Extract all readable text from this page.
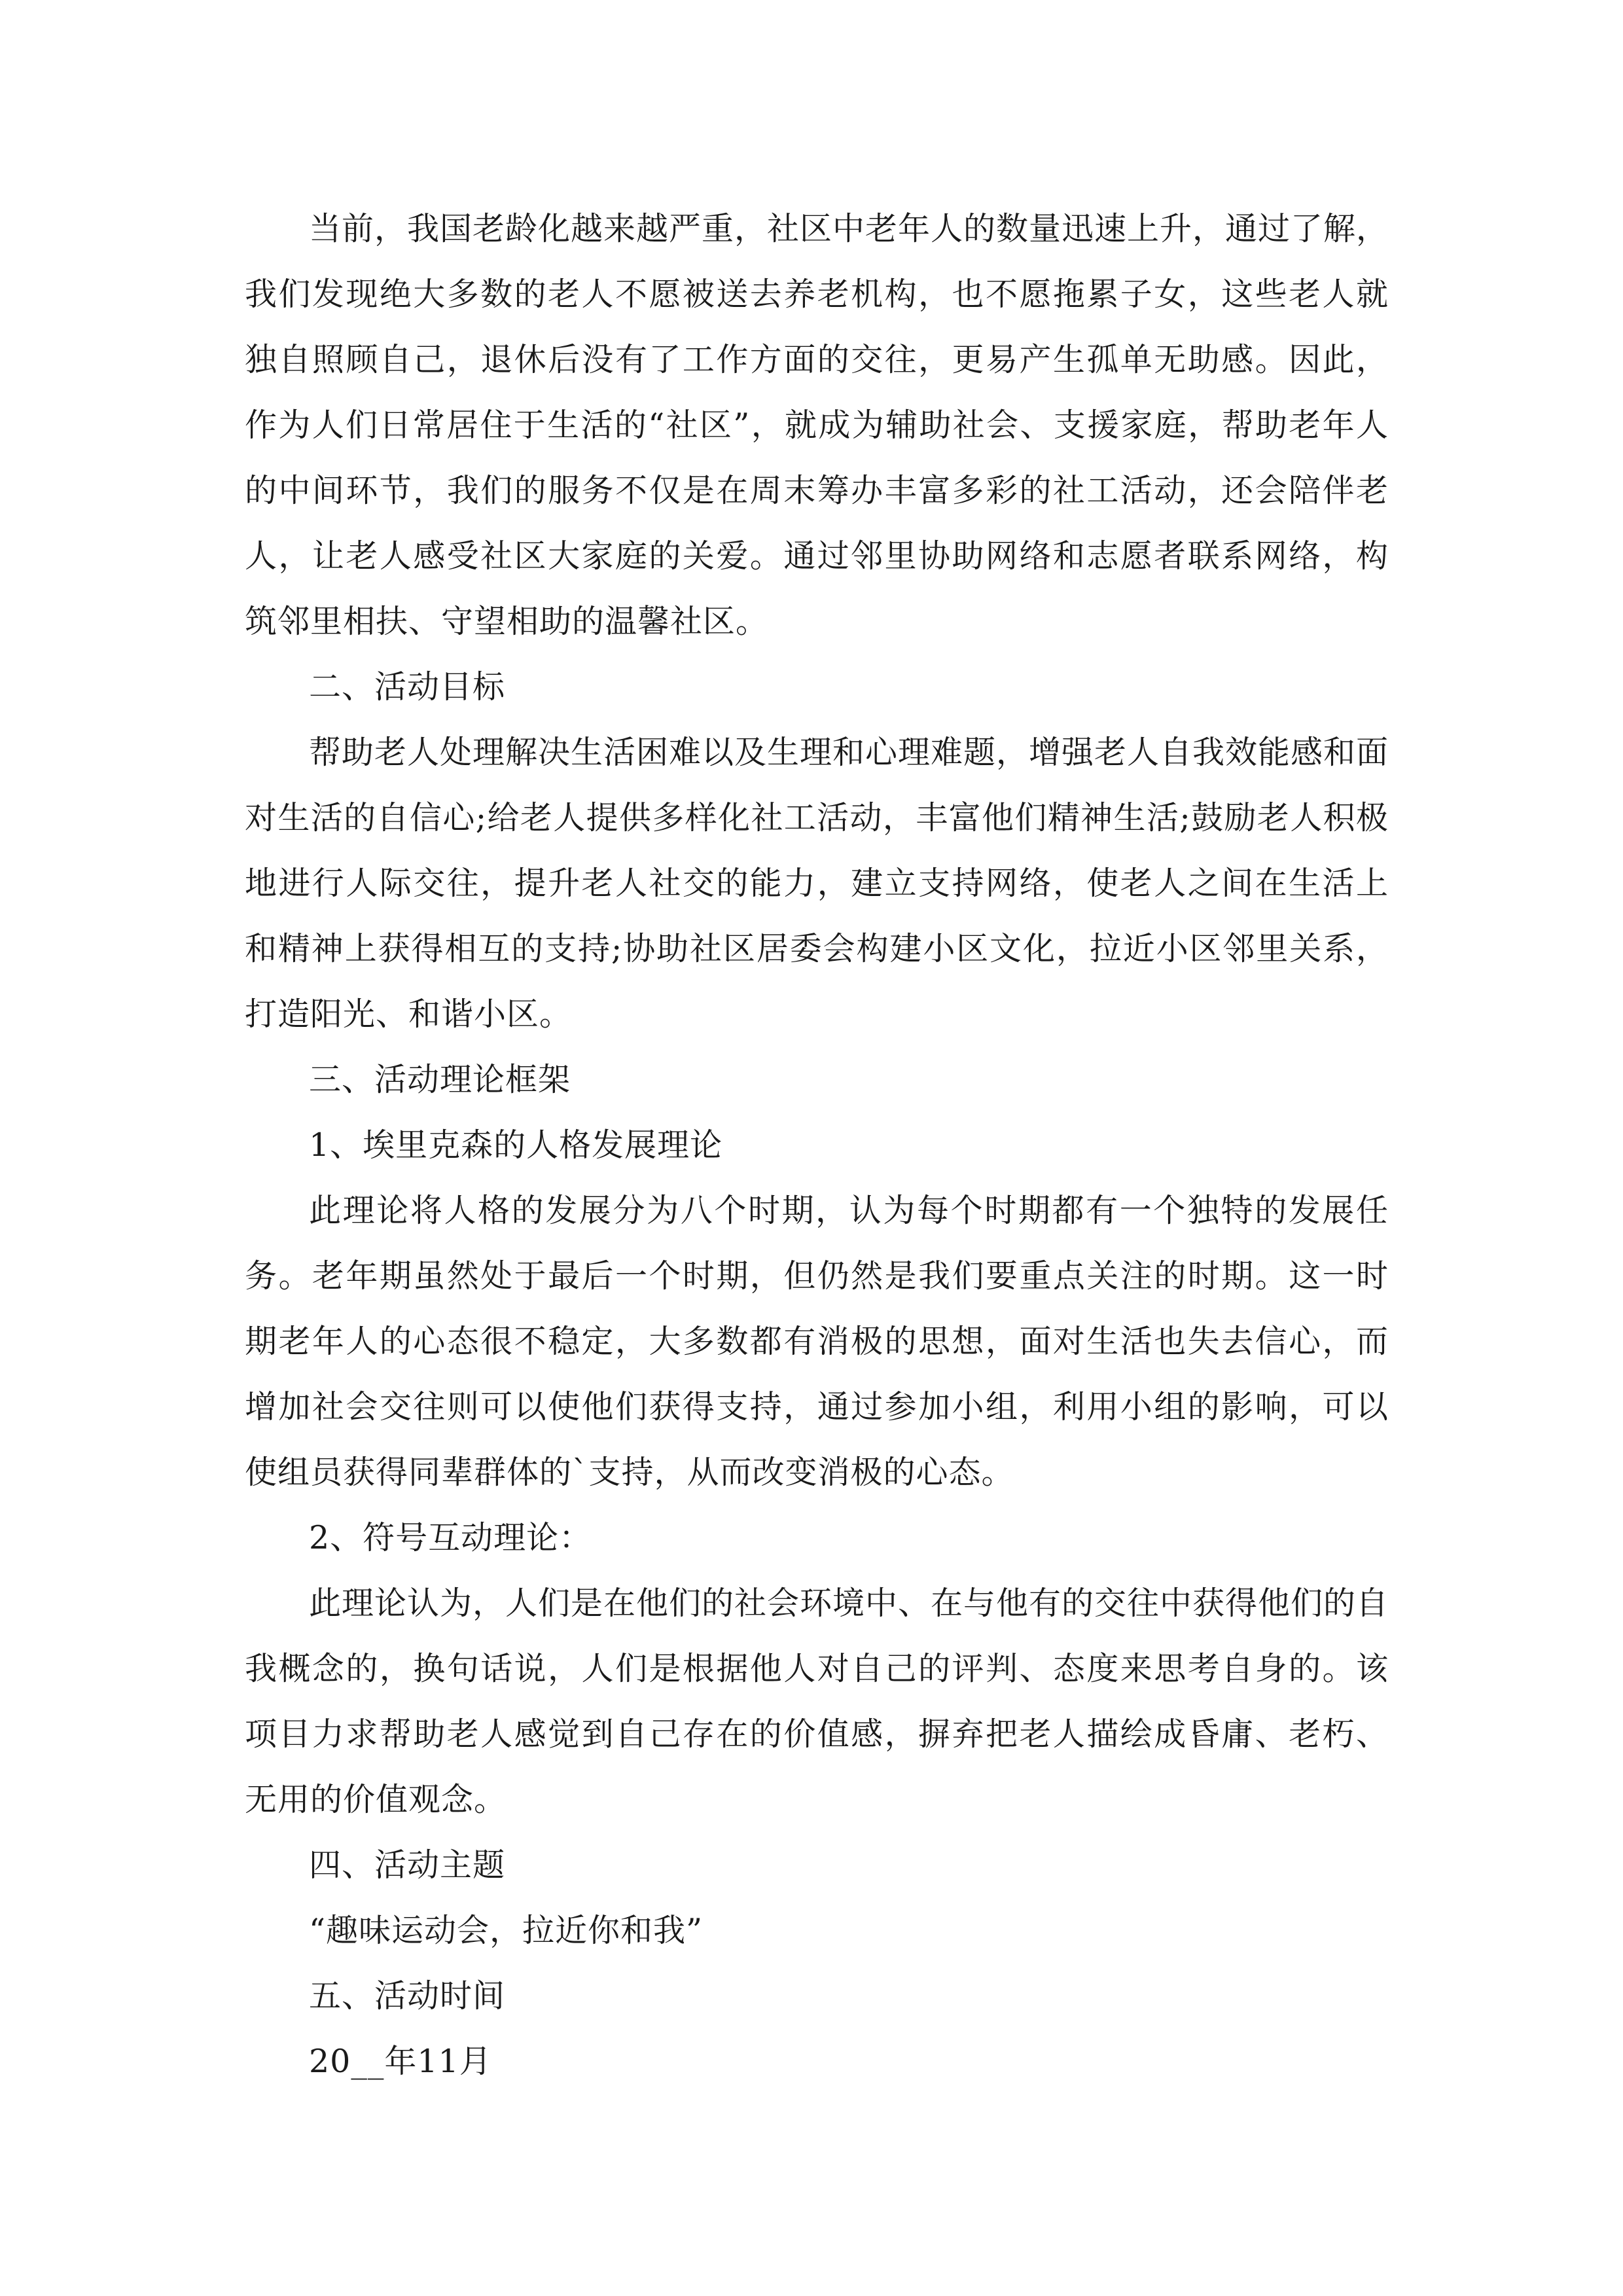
当前，我国老龄化越来越严重，社区中老年人的数量迅速上升，通过了解，我们发现绝大多数的老人不愿被送去养老机构，也不愿拖累子女，这些老人就独自照顾自己，退休后没有了工作方面的交往，更易产生孤单无助感。因此，作为人们日常居住于生活的“社区”，就成为辅助社会、支援家庭，帮助老年人的中间环节，我们的服务不仅是在周末筹办丰富多彩的社工活动，还会陪伴老人，让老人感受社区大家庭的关爱。通过邻里协助网络和志愿者联系网络，构筑邻里相扶、守望相助的温馨社区。

二、活动目标

帮助老人处理解决生活困难以及生理和心理难题，增强老人自我效能感和面对生活的自信心;给老人提供多样化社工活动，丰富他们精神生活;鼓励老人积极地进行人际交往，提升老人社交的能力，建立支持网络，使老人之间在生活上和精神上获得相互的支持;协助社区居委会构建小区文化，拉近小区邻里关系，打造阳光、和谐小区。

三、活动理论框架

1、埃里克森的人格发展理论

此理论将人格的发展分为八个时期，认为每个时期都有一个独特的发展任务。老年期虽然处于最后一个时期，但仍然是我们要重点关注的时期。这一时期老年人的心态很不稳定，大多数都有消极的思想，面对生活也失去信心，而增加社会交往则可以使他们获得支持，通过参加小组，利用小组的影响，可以使组员获得同辈群体的`支持，从而改变消极的心态。

2、符号互动理论：

此理论认为，人们是在他们的社会环境中、在与他有的交往中获得他们的自我概念的，换句话说，人们是根据他人对自己的评判、态度来思考自身的。该项目力求帮助老人感觉到自己存在的价值感，摒弃把老人描绘成昏庸、老朽、无用的价值观念。

四、活动主题

“趣味运动会，拉近你和我”

五、活动时间

20__年11月
